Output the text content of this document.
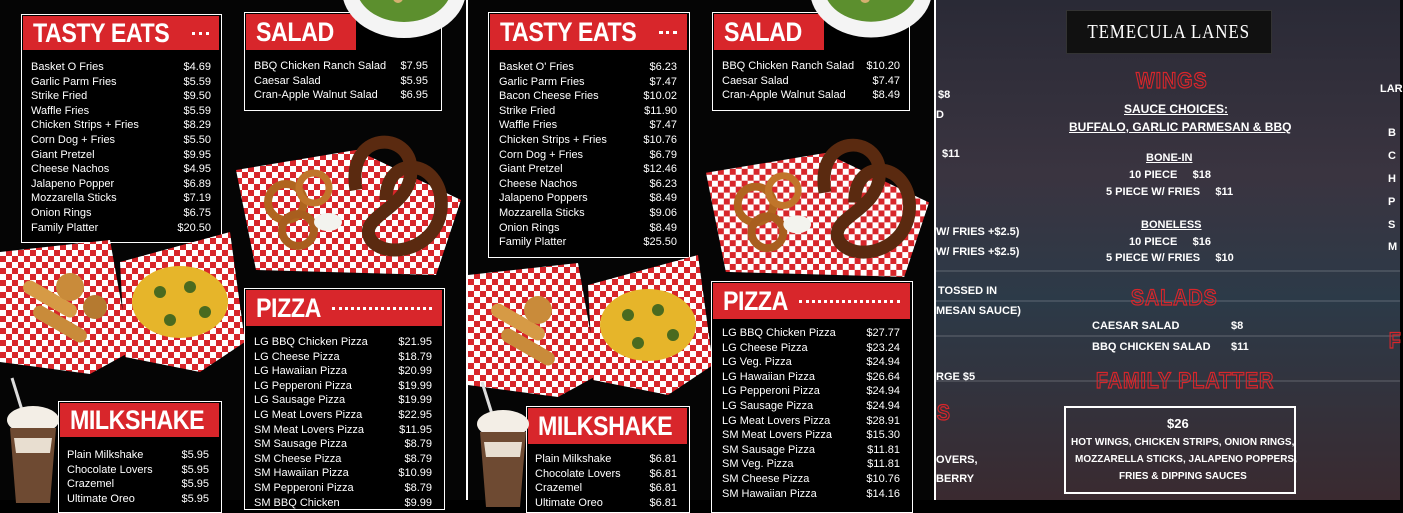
TASTY EATS
Basket O Fries	$4.69
Garlic Parm Fries	$5.59
Strike Fried	$9.50
Waffle Fries	$5.59
Chicken Strips + Fries	$8.29
Corn Dog + Fries	$5.50
Giant Pretzel	$9.95
Cheese Nachos	$4.95
Jalapeno Popper	$6.89
Mozzarella Sticks	$7.19
Onion Rings	$6.75
Family Platter	$20.50
SALAD
BBQ Chicken Ranch Salad $7.95
Caesar Salad	$5.95
Cran-Apple Walnut Salad $6.95
PIZZA
LG BBQ Chicken Pizza	$21.95
LG Cheese Pizza	$18.79
LG Hawaiian Pizza	$20.99
LG Pepperoni Pizza	$19.99
LG Sausage Pizza	$19.99
LG Meat Lovers Pizza	$22.95
SM Meat Lovers Pizza	$11.95
SM Sausage Pizza	$8.79
SM Cheese Pizza	$8.79
SM Hawaiian Pizza	$10.99
SM Pepperoni Pizza	$8.79
SM BBQ Chicken	$9.99
MILKSHAKE
Plain Milkshake	$5.95
Chocolate Lovers	$5.95
Crazemel	$5.95
Ultimate Oreo	$5.95
TASTY EATS
Basket O' Fries	$6.23
Garlic Parm Fries	$7.47
Bacon Cheese Fries	$10.02
Strike Fried	$11.90
Waffle Fries	$7.47
Chicken Strips + Fries	$10.76
Corn Dog + Fries	$6.79
Giant Pretzel	$12.46
Cheese Nachos	$6.23
Jalapeno Poppers	$8.49
Mozzarella Sticks	$9.06
Onion Rings	$8.49
Family Platter	$25.50
SALAD
BBQ Chicken Ranch Salad $10.20
Caesar Salad	$7.47
Cran-Apple Walnut Salad $8.49
PIZZA
LG BBQ Chicken Pizza	$27.77
LG Cheese Pizza	$23.24
LG Veg. Pizza	$24.94
LG Hawaiian Pizza	$26.64
LG Pepperoni Pizza	$24.94
LG Sausage Pizza	$24.94
LG Meat Lovers Pizza	$28.91
SM Meat Lovers Pizza	$15.30
SM Sausage Pizza	$11.81
SM Veg. Pizza	$11.81
SM Cheese Pizza	$10.76
SM Hawaiian Pizza	$14.16
MILKSHAKE
Plain Milkshake	$6.81
Chocolate Lovers	$6.81
Crazemel	$6.81
Ultimate Oreo	$6.81
TEMECULA LANES
WINGS
SAUCE CHOICES:
BUFFALO, GARLIC PARMESAN & BBQ
BONE-IN
10 PIECE     $18
5 PIECE W/ FRIES     $11
BONELESS
10 PIECE     $16
5 PIECE W/ FRIES     $10
SALADS
CAESAR SALAD	$8
BBQ CHICKEN SALAD $11
FAMILY PLATTER
$26
HOT WINGS, CHICKEN STRIPS, ONION RINGS,
MOZZARELLA STICKS, JALAPENO POPPERS,
FRIES & DIPPING SAUCES
$8
D
$11
W/ FRIES +$2.5)
W/ FRIES +$2.5)
TOSSED IN
MESAN SAUCE)
RGE $5
S
OVERS,
BERRY
LAR
B
C
H
P
S
M
F
